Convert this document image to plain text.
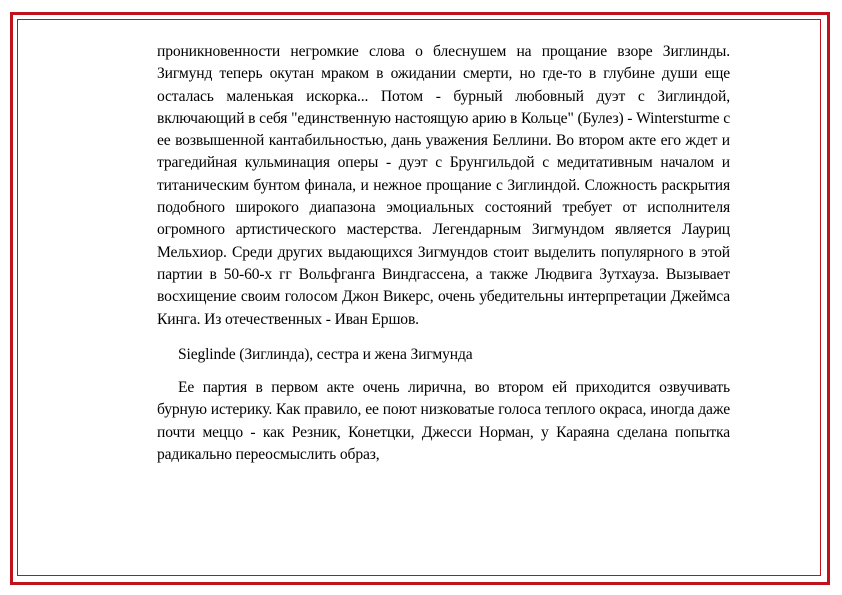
проникновенности негромкие слова о блеснушем на прощание взоре Зиглинды. Зигмунд теперь окутан мраком в ожидании смерти, но где-то в глубине души еще осталась маленькая искорка... Потом - бурный любовный дуэт с Зиглиндой, включающий в себя "единственную настоящую арию в Кольце" (Булез) - Wintersturme с ее возвышенной кантабильностью, дань уважения Беллини. Во втором акте его ждет и трагедийная кульминация оперы - дуэт с Брунгильдой с медитативным началом и титаническим бунтом финала, и нежное прощание с Зиглиндой. Сложность раскрытия подобного широкого диапазона эмоциальных состояний требует от исполнителя огромного артистического мастерства. Легендарным Зигмундом является Лауриц Мельхиор. Среди других выдающихся Зигмундов стоит выделить популярного в этой партии в 50-60-х гг Вольфганга Виндгассена, а также Людвига Зутхауза. Вызывает восхищение своим голосом Джон Викерс, очень убедительны интерпретации Джеймса Кинга. Из отечественных - Иван Ершов.

Sieglinde (Зиглинда), сестра и жена Зигмунда

Ее партия в первом акте очень лирична, во втором ей приходится озвучивать бурную истерику. Как правило, ее поют низковатые голоса теплого окраса, иногда даже почти меццо - как Резник, Конетцки, Джесси Норман, у Караяна сделана попытка радикально переосмыслить образ,
